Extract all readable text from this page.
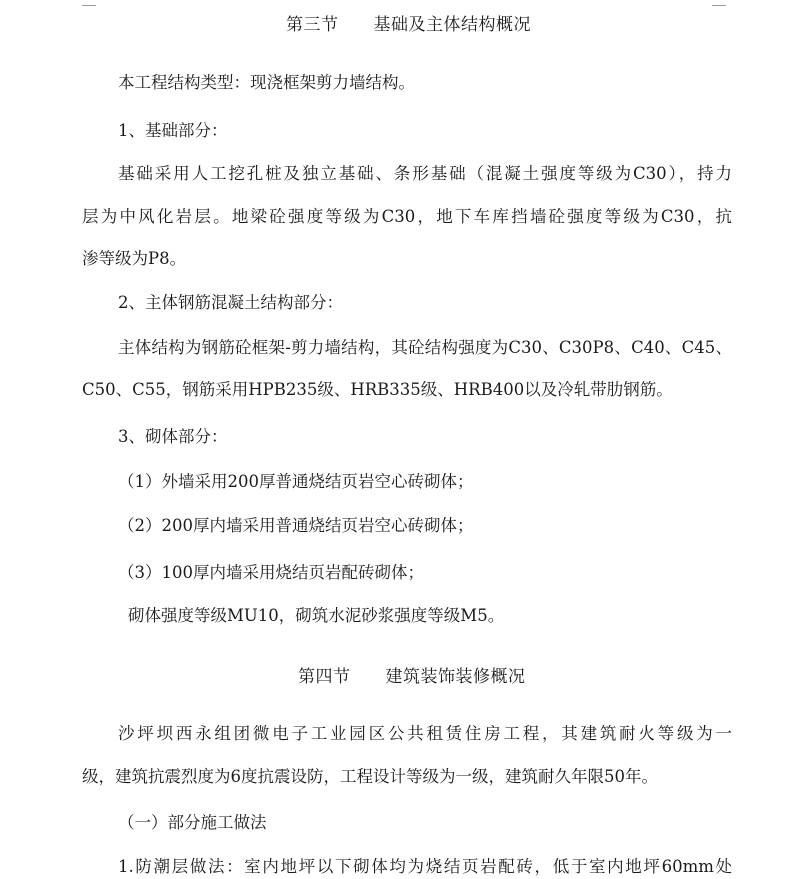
第三节　　基础及主体结构概况
本工程结构类型：现浇框架剪力墙结构。
1、基础部分：
基础采用人工挖孔桩及独立基础、条形基础（混凝土强度等级为C30），持力
层为中风化岩层。地梁砼强度等级为C30，地下车库挡墙砼强度等级为C30，抗
渗等级为P8。
2、主体钢筋混凝土结构部分：
主体结构为钢筋砼框架-剪力墙结构，其砼结构强度为C30、C30P8、C40、C45、
C50、C55，钢筋采用HPB235级、HRB335级、HRB400以及冷轧带肋钢筋。
3、砌体部分：
（1）外墙采用200厚普通烧结页岩空心砖砌体；
（2）200厚内墙采用普通烧结页岩空心砖砌体；
（3）100厚内墙采用烧结页岩配砖砌体；
砌体强度等级MU10，砌筑水泥砂浆强度等级M5。
第四节　　建筑装饰装修概况
沙坪坝西永组团微电子工业园区公共租赁住房工程，其建筑耐火等级为一
级，建筑抗震烈度为6度抗震设防，工程设计等级为一级，建筑耐久年限50年。
（一）部分施工做法
1.防潮层做法：室内地坪以下砌体均为烧结页岩配砖，低于室内地坪60mm处
